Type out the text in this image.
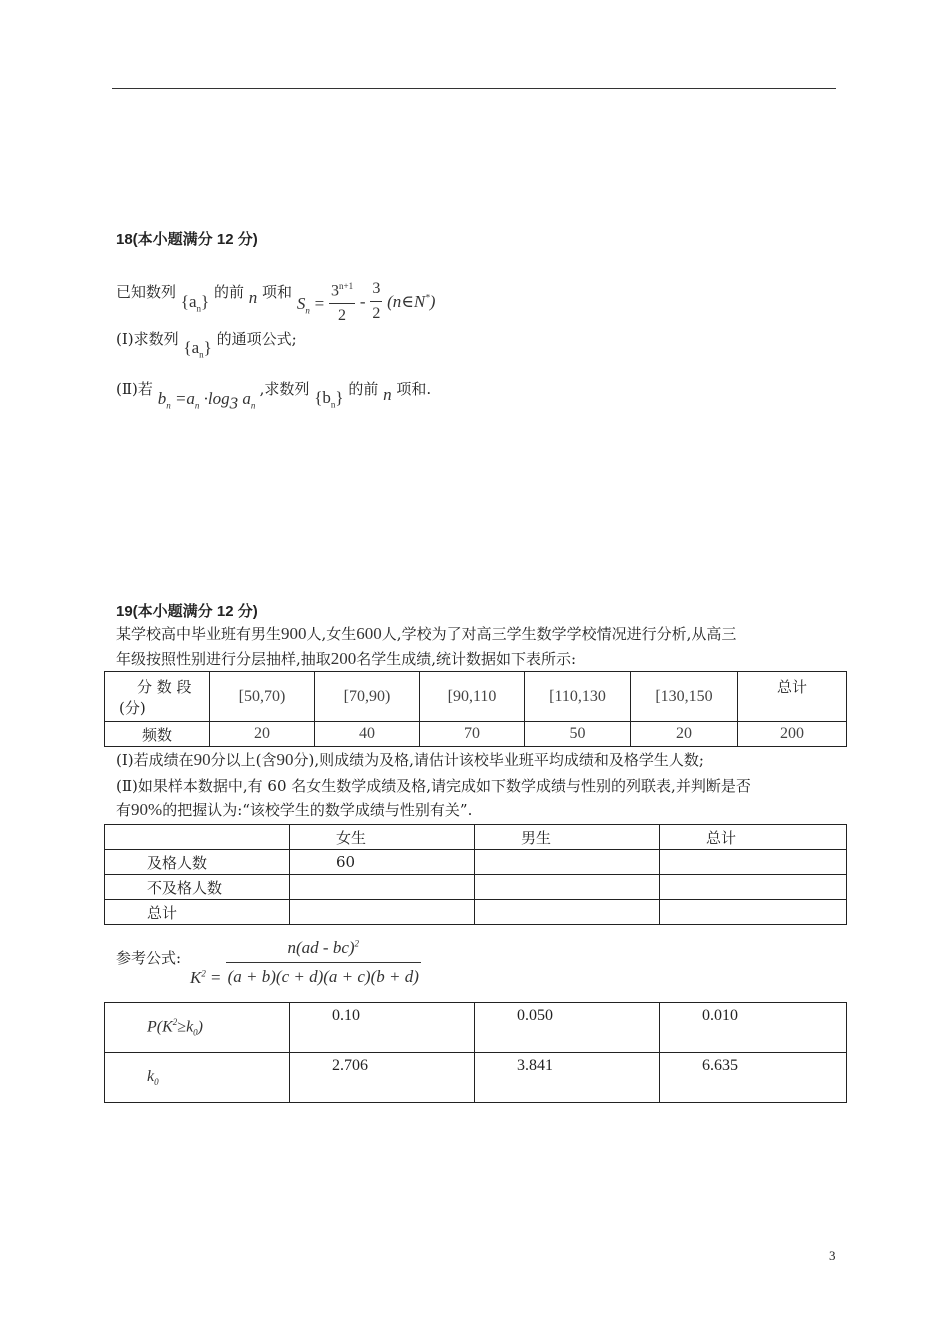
18(本小题满分 12 分)
已知数列 $\{a_n\}$ 的前 n 项和 $S_n = \frac{3^{n+1}}{2} - \frac{3}{2}$ (n∈N*)
(Ⅰ)求数列 $\{a_n\}$ 的通项公式;
(Ⅱ)若 $b_n =a_n \cdot\log_3$ $a_n$ ,求数列 $\{b_n\}$ 的前 n 项和.
19(本小题满分 12 分)
某学校高中毕业班有男生900人,女生600人,学校为了对高三学生数学学校情况进行分析,从高三
年级按照性别进行分层抽样,抽取200名学生成绩,统计数据如下表所示:
分 数 段
(分)	[50,70)	[70,90)	[90,110	[110,130	[130,150	总计
频数	20	40	70	50	20	200
(Ⅰ)若成绩在90分以上(含90分),则成绩为及格,请估计该校毕业班平均成绩和及格学生人数;
(Ⅱ)如果样本数据中,有 60 名女生数学成绩及格,请完成如下数学成绩与性别的列联表,并判断是否
有90%的把握认为:“该校学生的数学成绩与性别有关”.
	女生	男生	总计
及格人数	60		
不及格人数			
总计			
参考公式:
$K^2 = \frac{n(ad - bc)^2}{(a + b)(c + d)(a + c)(b + d)}$
$P(K^2\ge k_0)$	0.10	0.050	0.010
$k_0$	2.706	3.841	6.635
3
